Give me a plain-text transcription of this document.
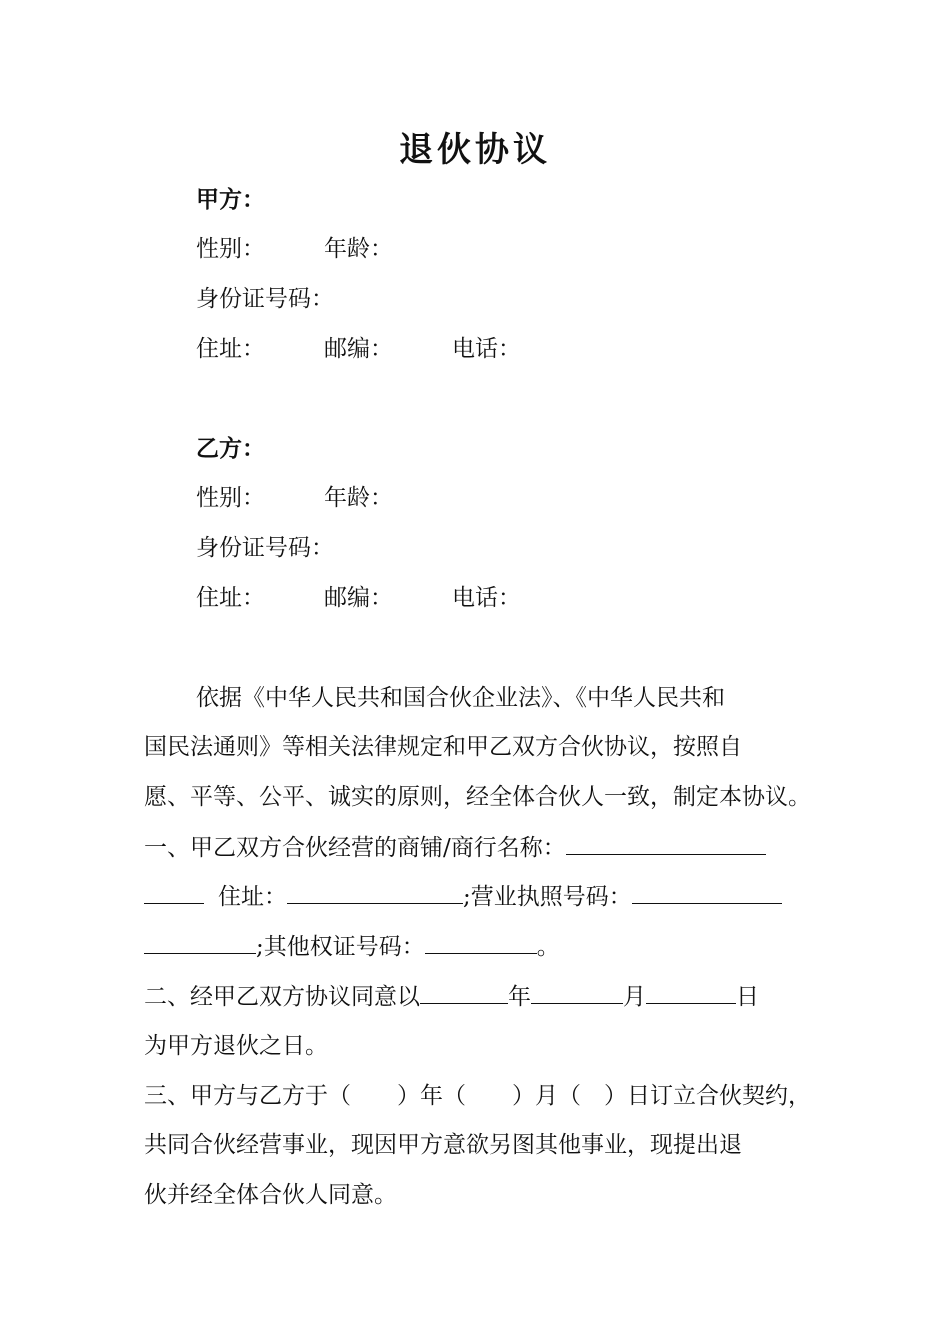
退伙协议
甲方：
性别：	年龄：
身份证号码：
住址：	邮编：	电话：
乙方：
性别：	年龄：
身份证号码：
住址：	邮编：	电话：
依据《中华人民共和国合伙企业法》、《中华人民共和
国民法通则》等相关法律规定和甲乙双方合伙协议，按照自
愿、平等、公平、诚实的原则，经全体合伙人一致，制定本协议。
一、甲乙双方合伙经营的商铺/商行名称：
住址：	;营业执照号码：
;其他权证号码：	。
二、经甲乙双方协议同意以	年	月	日
为甲方退伙之日。
三、甲方与乙方于（　　）年（　　）月（　）日订立合伙契约，
共同合伙经营事业，现因甲方意欲另图其他事业，现提出退
伙并经全体合伙人同意。
